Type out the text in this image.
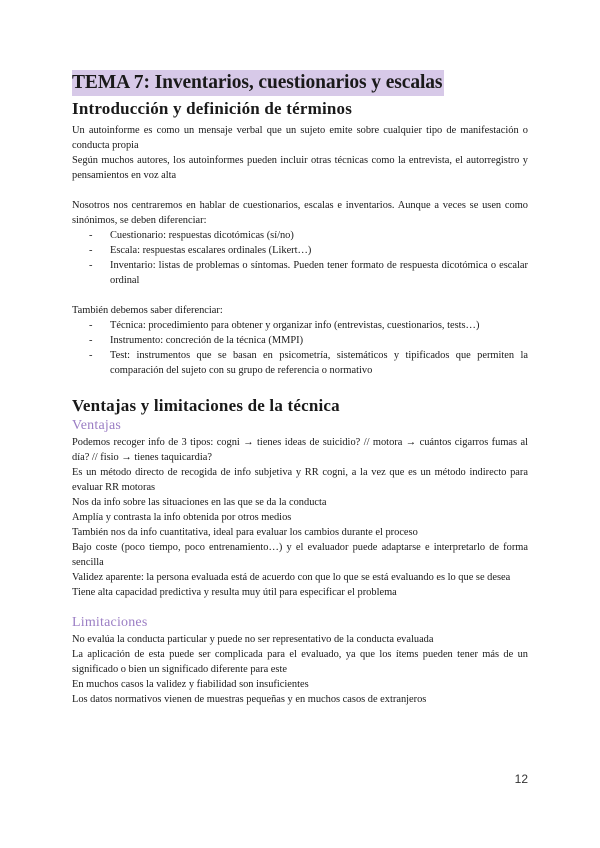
TEMA 7: Inventarios, cuestionarios y escalas
Introducción y definición de términos

Un autoinforme es como un mensaje verbal que un sujeto emite sobre cualquier tipo de manifestación o conducta propia

Según muchos autores, los autoinformes pueden incluir otras técnicas como la entrevista, el autorregistro y pensamientos en voz alta

Nosotros nos centraremos en hablar de cuestionarios, escalas e inventarios. Aunque a veces se usen como sinónimos, se deben diferenciar:

- Cuestionario: respuestas dicotómicas (sí/no)
- Escala: respuestas escalares ordinales (Likert…)
- Inventario: listas de problemas o síntomas. Pueden tener formato de respuesta dicotómica o escalar ordinal

También debemos saber diferenciar:

- Técnica: procedimiento para obtener y organizar info (entrevistas, cuestionarios, tests…)
- Instrumento: concreción de la técnica (MMPI)
- Test: instrumentos que se basan en psicometría, sistemáticos y tipificados que permiten la comparación del sujeto con su grupo de referencia o normativo
Ventajas y limitaciones de la técnica
Ventajas

Podemos recoger info de 3 tipos: cogni → tienes ideas de suicidio? // motora → cuántos cigarros fumas al día? // fisio → tienes taquicardia?

Es un método directo de recogida de info subjetiva y RR cogni, a la vez que es un método indirecto para evaluar RR motoras

Nos da info sobre las situaciones en las que se da la conducta

Amplía y contrasta la info obtenida por otros medios

También nos da info cuantitativa, ideal para evaluar los cambios durante el proceso

Bajo coste (poco tiempo, poco entrenamiento…) y el evaluador puede adaptarse e interpretarlo de forma sencilla

Validez aparente: la persona evaluada está de acuerdo con que lo que se está evaluando es lo que se desea

Tiene alta capacidad predictiva y resulta muy útil para especificar el problema

Limitaciones

No evalúa la conducta particular y puede no ser representativo de la conducta evaluada

La aplicación de esta puede ser complicada para el evaluado, ya que los ítems pueden tener más de un significado o bien un significado diferente para este

En muchos casos la validez y fiabilidad son insuficientes

Los datos normativos vienen de muestras pequeñas y en muchos casos de extranjeros

12
